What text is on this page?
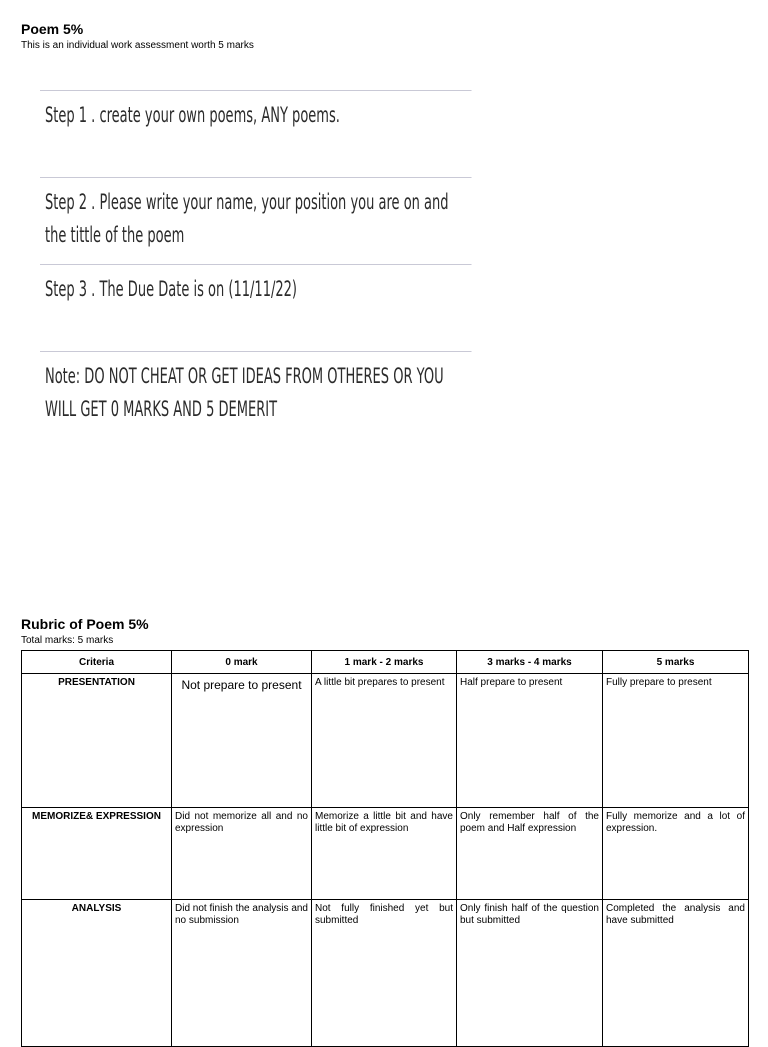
Poem 5%

This is an individual work assessment worth 5 marks

Step 1 . create your own poems, ANY poems.
Step 2 . Please write your name, your position you are on and the tittle of the poem
Step 3 . The Due Date is on (11/11/22)
Note: DO NOT CHEAT OR GET IDEAS FROM OTHERES OR YOU WILL GET 0 MARKS AND 5 DEMERIT
Rubric of Poem 5%

Total marks: 5 marks

Criteria	0 mark	1 mark - 2 marks	3 marks - 4 marks	5 marks
PRESENTATION	Not prepare to present	A little bit prepares to present	Half prepare to present	Fully prepare to present
MEMORIZE& EXPRESSION	Did not memorize all and no expression	Memorize a little bit and have little bit of expression	Only remember half of the poem and Half expression	Fully memorize and a lot of expression.
ANALYSIS	Did not finish the analysis and no submission	Not fully finished yet but submitted	Only finish half of the question but submitted	Completed the analysis and have submitted
